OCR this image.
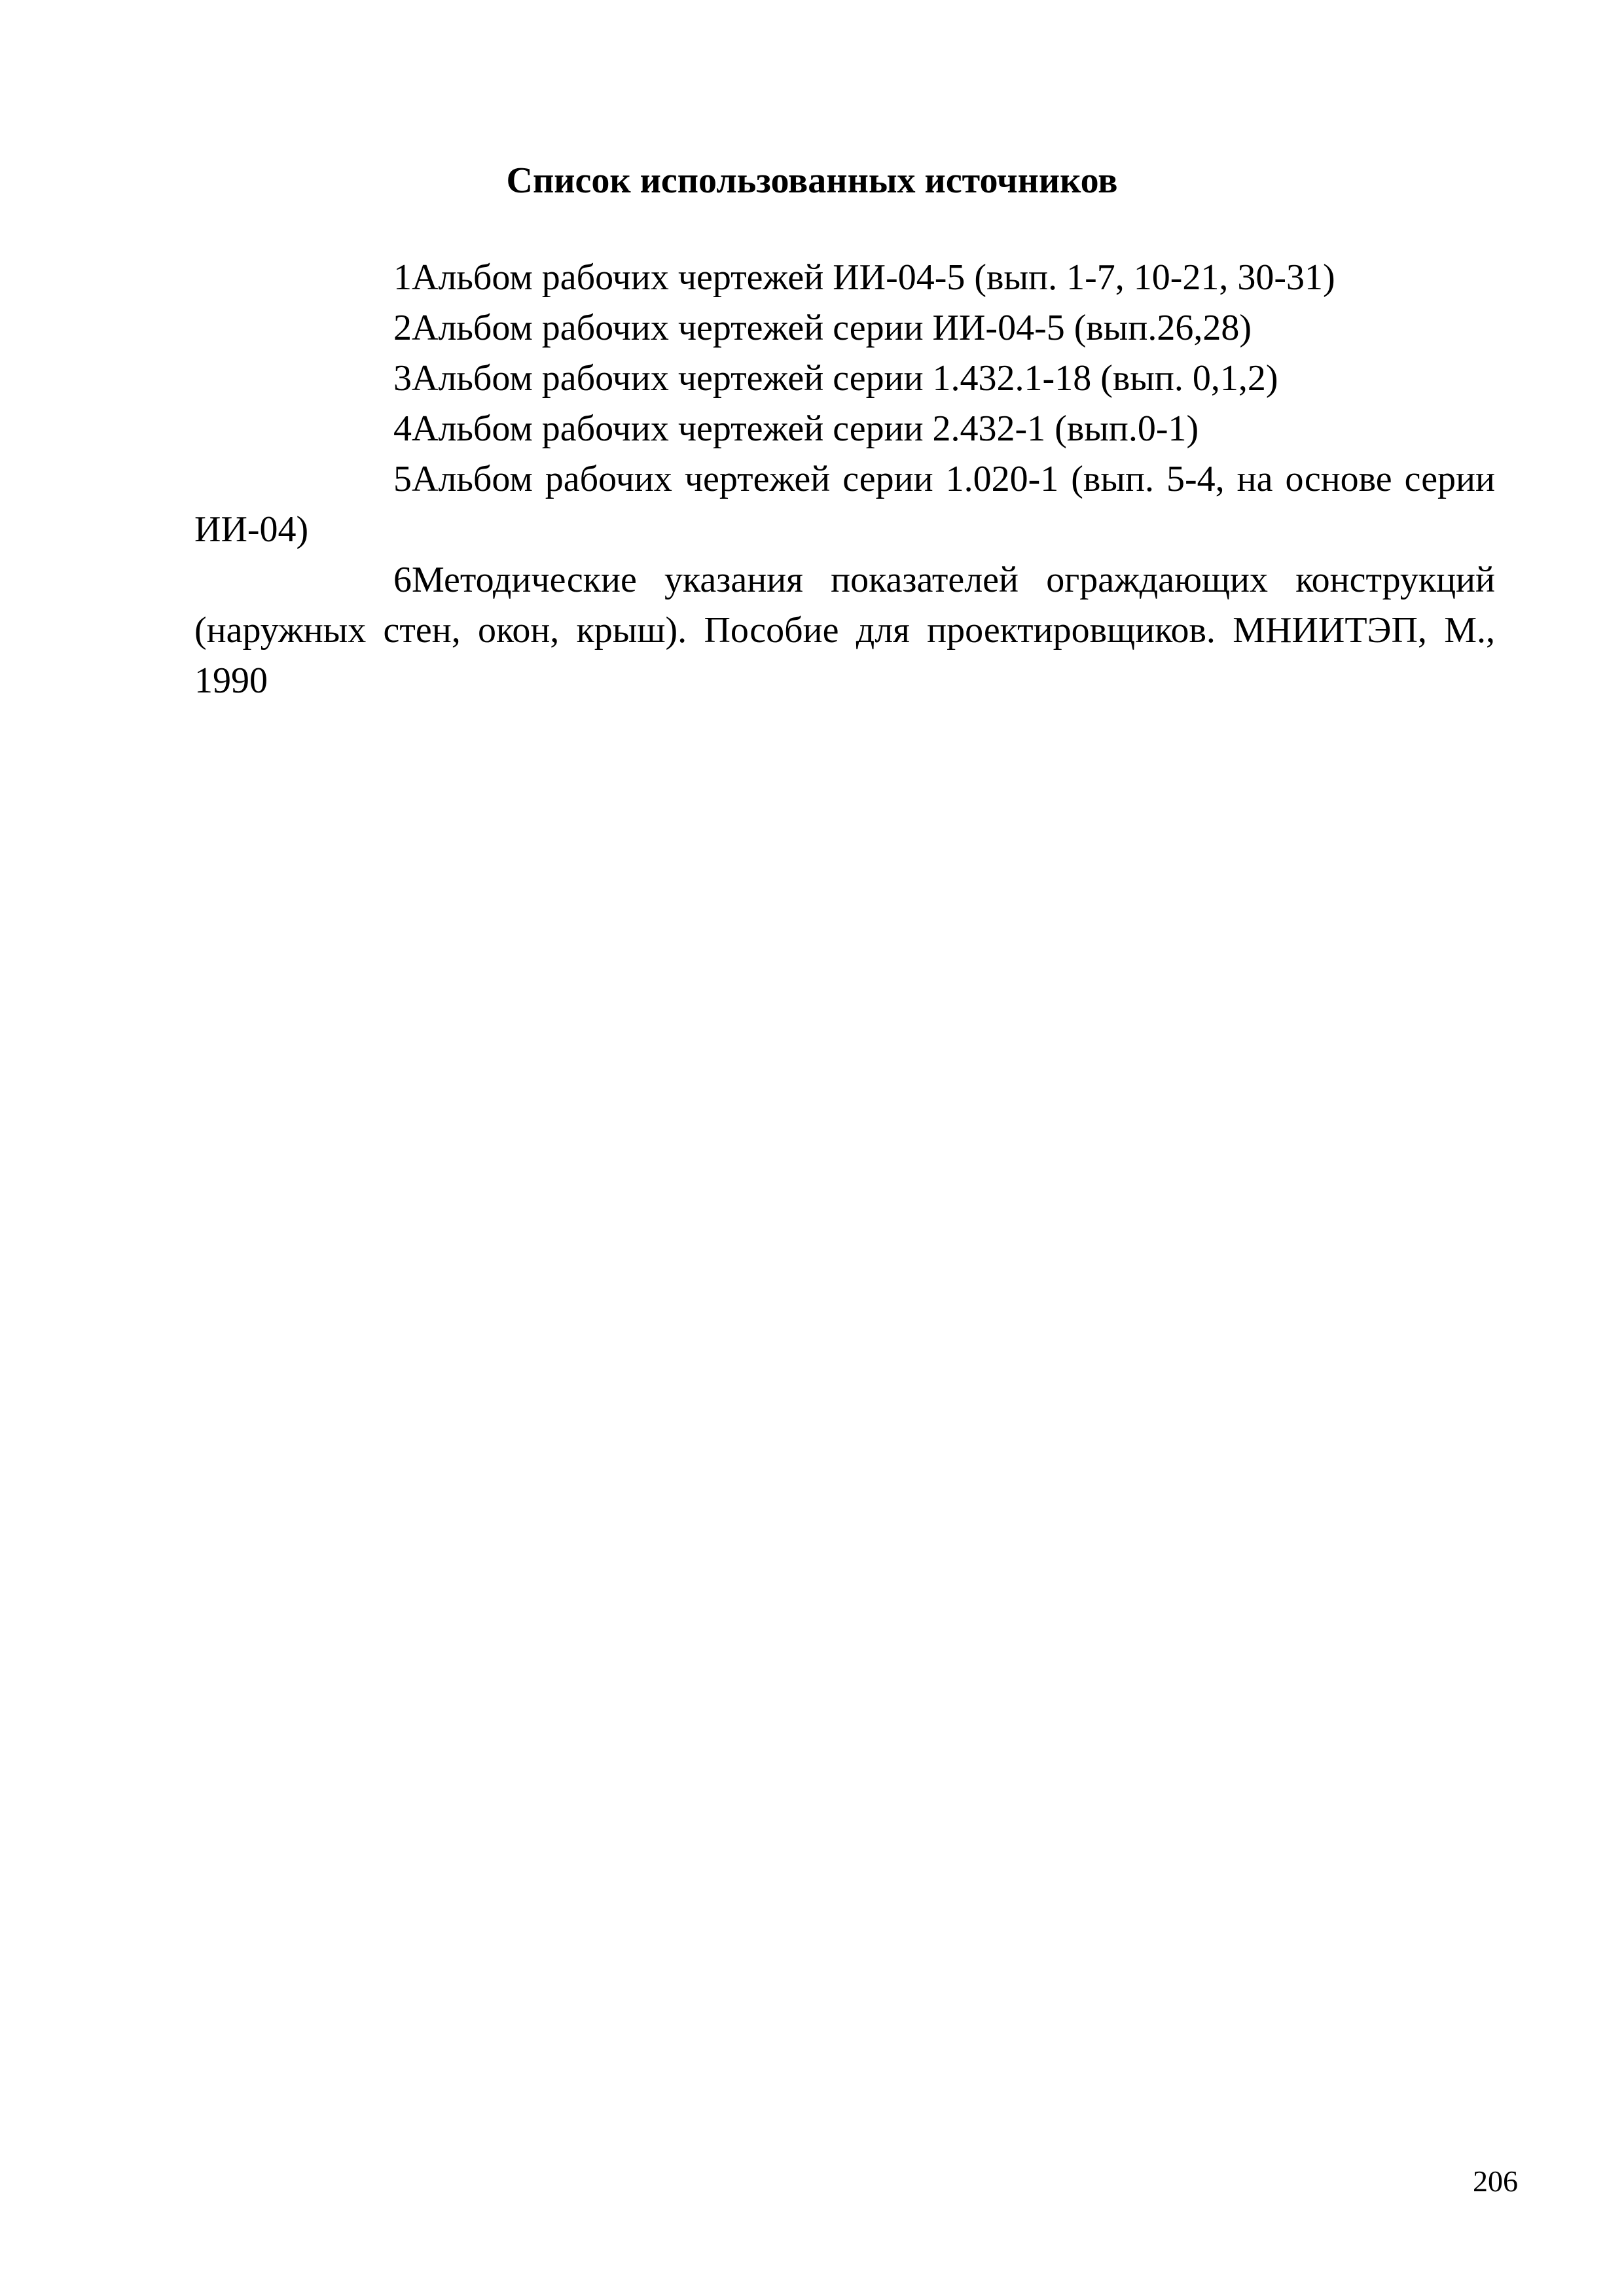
Список использованных источников
1Альбом рабочих чертежей ИИ-04-5 (вып. 1-7, 10-21, 30-31)
2Альбом рабочих чертежей серии ИИ-04-5 (вып.26,28)
3Альбом рабочих чертежей серии 1.432.1-18 (вып. 0,1,2)
4Альбом рабочих чертежей серии 2.432-1 (вып.0-1)
5Альбом рабочих чертежей серии 1.020-1 (вып. 5-4, на основе серии ИИ-04)
6Методические указания показателей ограждающих конструкций (наружных стен, окон, крыш). Пособие для проектировщиков. МНИИТЭП, М., 1990
206
